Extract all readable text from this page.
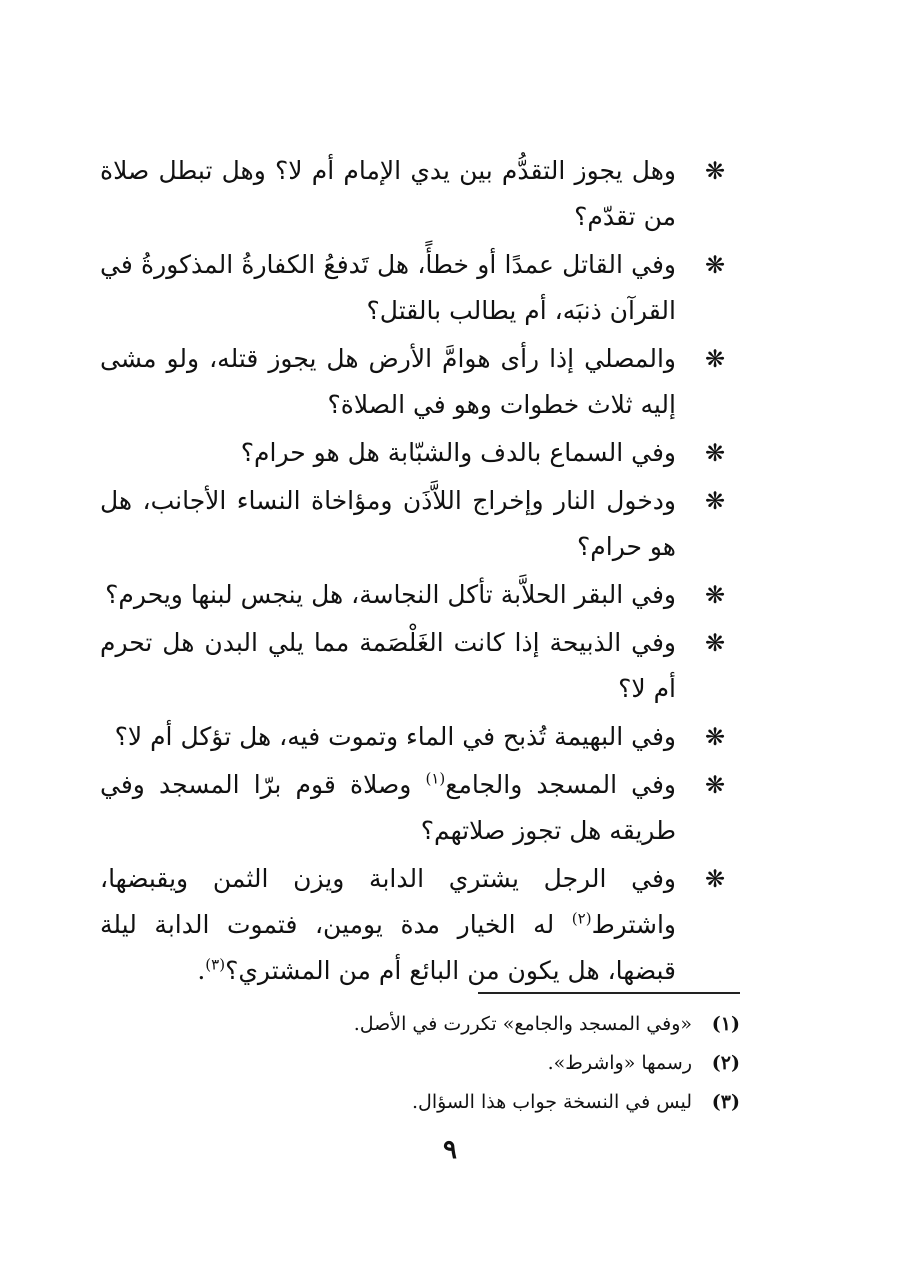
❋
وهل يجوز التقدُّم بين يدي الإمام أم لا؟ وهل تبطل صلاة من تقدّم؟
❋
وفي القاتل عمدًا أو خطأً، هل تَدفعُ الكفارةُ المذكورةُ في القرآن ذنبَه، أم يطالب بالقتل؟
❋
والمصلي إذا رأى هوامَّ الأرض هل يجوز قتله، ولو مشى إليه ثلاث خطوات وهو في الصلاة؟
❋
وفي السماع بالدف والشبّابة هل هو حرام؟
❋
ودخول النار وإخراج اللاَّذَن ومؤاخاة النساء الأجانب، هل هو حرام؟
❋
وفي البقر الحلاَّبة تأكل النجاسة، هل ينجس لبنها ويحرم؟
❋
وفي الذبيحة إذا كانت الغَلْصَمة مما يلي البدن هل تحرم أم لا؟
❋
وفي البهيمة تُذبح في الماء وتموت فيه، هل تؤكل أم لا؟
❋
وفي المسجد والجامع$^{(١)}$ وصلاة قوم برّا المسجد وفي طريقه هل تجوز صلاتهم؟
❋
وفي الرجل يشتري الدابة ويزن الثمن ويقبضها، واشترط$^{(٢)}$ له الخيار مدة يومين، فتموت الدابة ليلة قبضها، هل يكون من البائع أم من المشتري؟$^{(٣)}$.
(١)«وفي المسجد والجامع» تكررت في الأصل.
(٢)رسمها «واشرط».
(٣)ليس في النسخة جواب هذا السؤال.
٩
